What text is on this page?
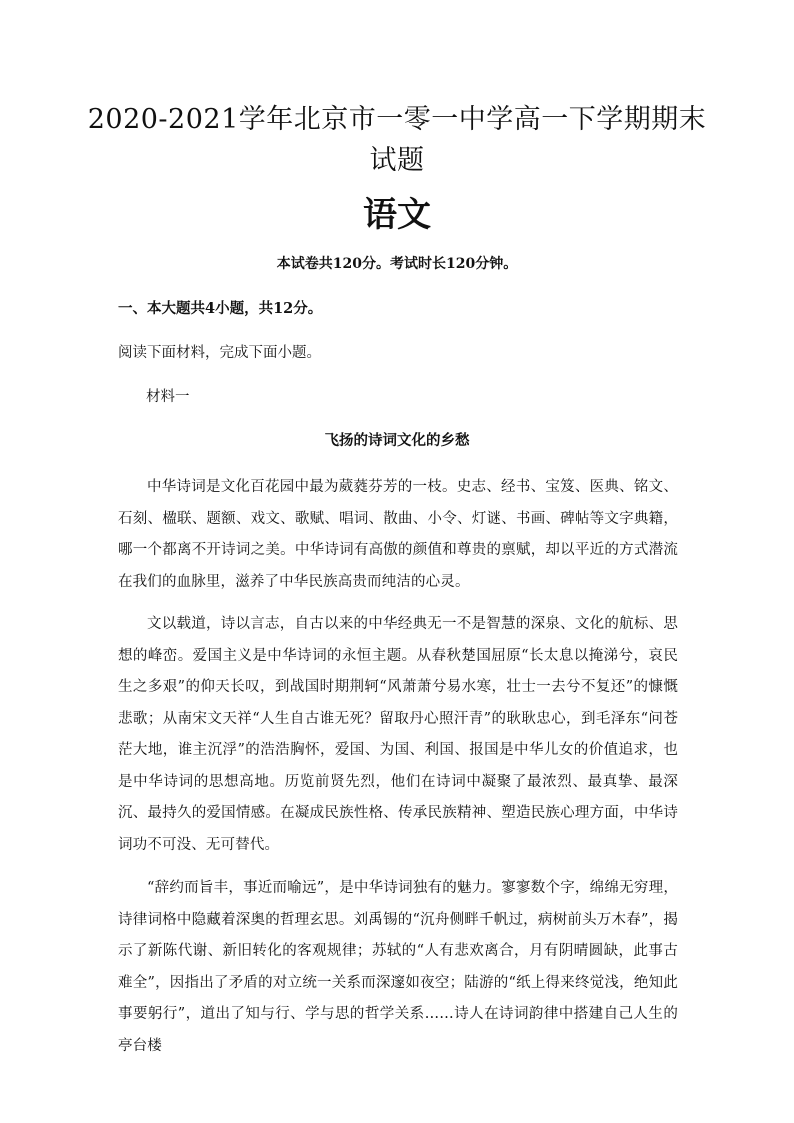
2020-2021学年北京市一零一中学高一下学期期末
试题
语文
本试卷共120分。考试时长120分钟。
一、本大题共4小题，共12分。
阅读下面材料，完成下面小题。
材料一
飞扬的诗词文化的乡愁

中华诗词是文化百花园中最为葳蕤芬芳的一枝。史志、经书、宝笈、医典、铭文、石刻、楹联、题额、戏文、歌赋、唱词、散曲、小令、灯谜、书画、碑帖等文字典籍，哪一个都离不开诗词之美。中华诗词有高傲的颜值和尊贵的禀赋，却以平近的方式潜流在我们的血脉里，滋养了中华民族高贵而纯洁的心灵。

文以载道，诗以言志，自古以来的中华经典无一不是智慧的深泉、文化的航标、思想的峰峦。爱国主义是中华诗词的永恒主题。从春秋楚国屈原“长太息以掩涕兮，哀民生之多艰”的仰天长叹，到战国时期荆轲“风萧萧兮易水寒，壮士一去兮不复还”的慷慨悲歌；从南宋文天祥“人生自古谁无死？留取丹心照汗青”的耿耿忠心，到毛泽东“问苍茫大地，谁主沉浮”的浩浩胸怀，爱国、为国、利国、报国是中华儿女的价值追求，也是中华诗词的思想高地。历览前贤先烈，他们在诗词中凝聚了最浓烈、最真挚、最深沉、最持久的爱国情感。在凝成民族性格、传承民族精神、塑造民族心理方面，中华诗词功不可没、无可替代。

“辞约而旨丰，事近而喻远”，是中华诗词独有的魅力。寥寥数个字，绵绵无穷理，诗律词格中隐藏着深奥的哲理玄思。刘禹锡的“沉舟侧畔千帆过，病树前头万木春”，揭示了新陈代谢、新旧转化的客观规律；苏轼的“人有悲欢离合，月有阴晴圆缺，此事古难全”，因指出了矛盾的对立统一关系而深邃如夜空；陆游的“纸上得来终觉浅，绝知此事要躬行”，道出了知与行、学与思的哲学关系……诗人在诗词韵律中搭建自己人生的亭台楼
